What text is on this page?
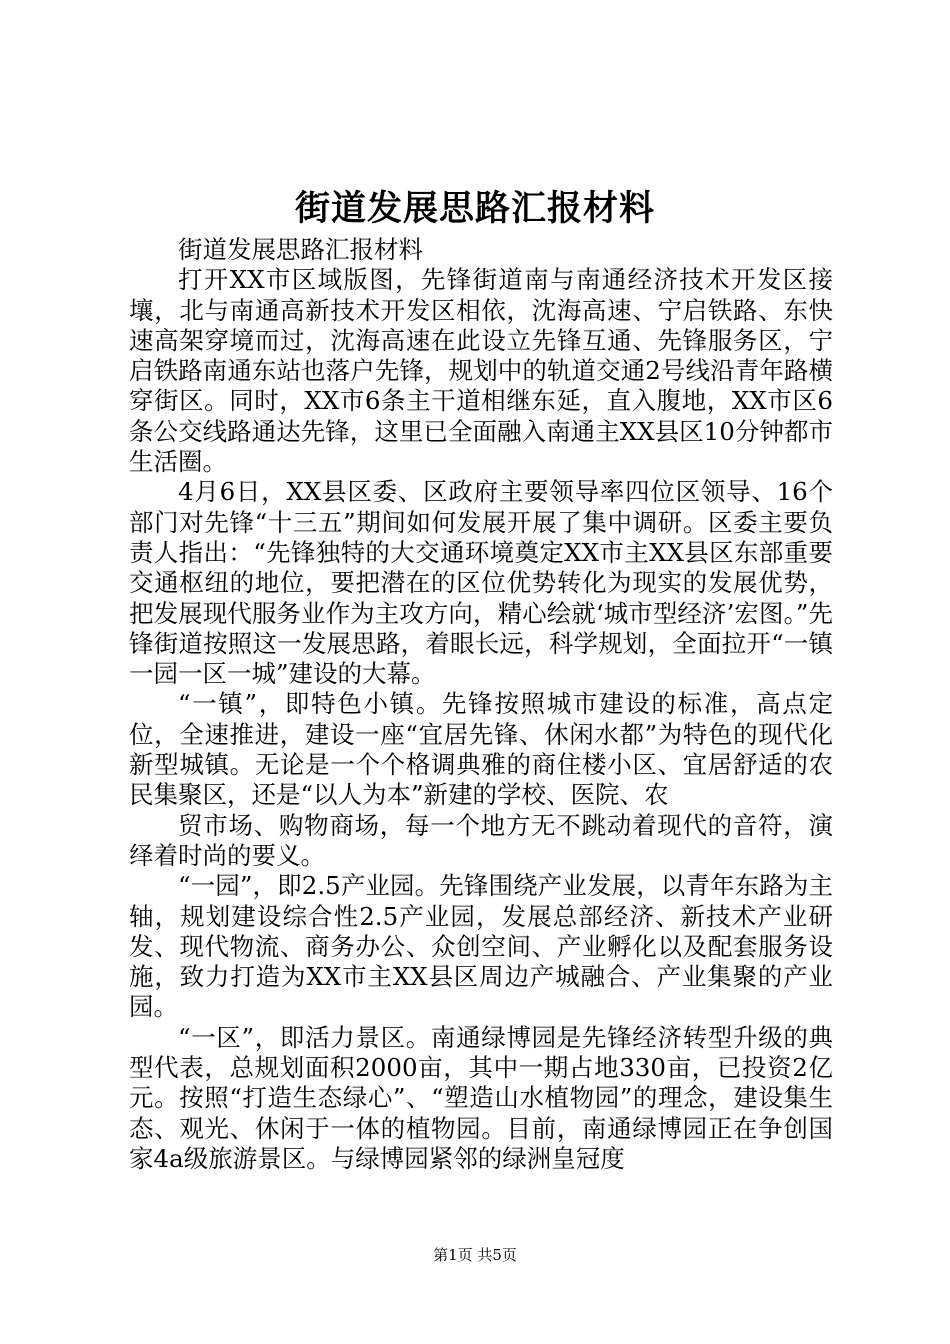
街道发展思路汇报材料

街道发展思路汇报材料

打开XX市区域版图，先锋街道南与南通经济技术开发区接壤，北与南通高新技术开发区相依，沈海高速、宁启铁路、东快速高架穿境而过，沈海高速在此设立先锋互通、先锋服务区，宁启铁路南通东站也落户先锋，规划中的轨道交通2号线沿青年路横穿街区。同时，XX市6条主干道相继东延，直入腹地，XX市区6条公交线路通达先锋，这里已全面融入南通主XX县区10分钟都市生活圈。

4月6日，XX县区委、区政府主要领导率四位区领导、16个部门对先锋“十三五”期间如何发展开展了集中调研。区委主要负责人指出：“先锋独特的大交通环境奠定XX市主XX县区东部重要交通枢纽的地位，要把潜在的区位优势转化为现实的发展优势，把发展现代服务业作为主攻方向，精心绘就‘城市型经济’宏图。”先锋街道按照这一发展思路，着眼长远，科学规划，全面拉开“一镇一园一区一城”建设的大幕。

“一镇”，即特色小镇。先锋按照城市建设的标准，高点定位，全速推进，建设一座“宜居先锋、休闲水都”为特色的现代化新型城镇。无论是一个个格调典雅的商住楼小区、宜居舒适的农民集聚区，还是“以人为本”新建的学校、医院、农

贸市场、购物商场，每一个地方无不跳动着现代的音符，演绎着时尚的要义。

“一园”，即2.5产业园。先锋围绕产业发展，以青年东路为主轴，规划建设综合性2.5产业园，发展总部经济、新技术产业研发、现代物流、商务办公、众创空间、产业孵化以及配套服务设施，致力打造为XX市主XX县区周边产城融合、产业集聚的产业园。

“一区”，即活力景区。南通绿博园是先锋经济转型升级的典型代表，总规划面积2000亩，其中一期占地330亩，已投资2亿元。按照“打造生态绿心”、“塑造山水植物园”的理念，建设集生态、观光、休闲于一体的植物园。目前，南通绿博园正在争创国家4a级旅游景区。与绿博园紧邻的绿洲皇冠度

第1页 共5页
